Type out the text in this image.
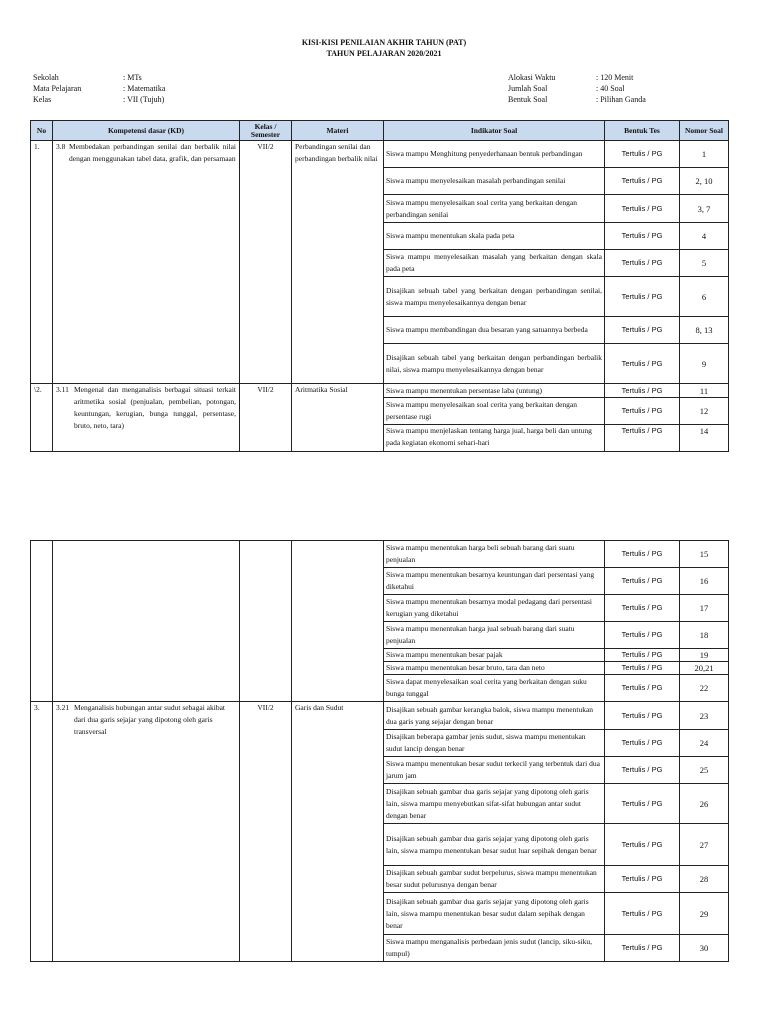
KISI-KISI PENILAIAN AKHIR TAHUN (PAT)
TAHUN PELAJARAN 2020/2021
Sekolah	: MTs
Mata Pelajaran	: Matematika
Kelas	: VII (Tujuh)
Alokasi Waktu	: 120 Menit
Jumlah Soal	: 40 Soal
Bentuk Soal	: Pilihan Ganda
No	Kompetensi dasar (KD)	Kelas / Semester	Materi	Indikator Soal	Bentuk Tes	Nomor Soal
1.	3.8 Membedakan perbandingan senilai dan berbalik nilai dengan menggunakan tabel data, grafik, dan persamaan	VII/2	Perbandingan senilai dan perbandingan berbalik nilai	Siswa mampu Menghitung penyederhanaan bentuk perbandingan	Tertulis / PG	1
				Siswa mampu menyelesaikan masalah perbandingan senilai	Tertulis / PG	2, 10
				Siswa mampu menyelesaikan soal cerita yang berkaitan dengan perbandingan senilai	Tertulis / PG	3, 7
				Siswa mampu menentukan skala pada peta	Tertulis / PG	4
				Siswa mampu menyelesaikan masalah yang berkaitan dengan skala pada peta	Tertulis / PG	5
				Disajikan sebuah tabel yang berkaitan dengan perbandingan senilai, siswa mampu menyelesaikannya dengan benar	Tertulis / PG	6
				Siswa mampu membandingan dua besaran yang satuannya berbeda	Tertulis / PG	8, 13
				Disajikan sebuah tabel yang berkaitan dengan perbandingan berbalik nilai, siswa mampu menyelesaikannya dengan benar	Tertulis / PG	9
\2.	3.11 Mengenal dan menganalisis berbagai situasi terkait aritmetika sosial (penjualan, pembelian, potongan, keuntungan, kerugian, bunga tunggal, persentase, bruto, neto, tara)	VII/2	Aritmatika Sosial	Siswa mampu menentukan persentase laba (untung)	Tertulis / PG	11
				Siswa mampu menyelesaikan soal cerita yang berkaitan dengan persentase rugi	Tertulis / PG	12
				Siswa mampu menjelaskan tentang harga jual, harga beli dan untung pada kegiatan ekonomi sehari-hari	Tertulis / PG	14
				Siswa mampu menentukan harga beli sebuah barang dari suatu penjualan	Tertulis / PG	15
				Siswa mampu menentukan besarnya keuntungan dari persentasi yang diketahui	Tertulis / PG	16
				Siswa mampu menentukan besarnya modal pedagang dari persentasi kerugian yang diketahui	Tertulis / PG	17
				Siswa mampu menentukan harga jual sebuah barang dari suatu penjualan	Tertulis / PG	18
				Siswa mampu menentukan besar pajak	Tertulis / PG	19
				Siswa mampu menentukan besar bruto, tara dan neto	Tertulis / PG	20,21
				Siswa dapat menyelesaikan soal cerita yang berkaitan dengan suku bunga tunggal	Tertulis / PG	22
3.	3.21 Menganalisis hubungan antar sudut sebagai akibat dari dua garis sejajar yang dipotong oleh garis transversal	VII/2	Garis dan Sudut	Disajikan sebuah gambar kerangka balok, siswa mampu menentukan dua garis yang sejajar dengan benar	Tertulis / PG	23
				Disajikan beberapa gambar jenis sudut, siswa mampu menentukan sudut lancip dengan benar	Tertulis / PG	24
				Siswa mampu menentukan besar sudut terkecil yang terbentuk dari dua jarum jam	Tertulis / PG	25
				Disajikan sebuah gambar dua garis sejajar yang dipotong oleh garis lain, siswa mampu menyebutkan sifat-sifat hubungan antar sudut dengan benar	Tertulis / PG	26
				Disajikan sebuah gambar dua garis sejajar yang dipotong oleh garis lain, siswa mampu menentukan besar sudut luar sepihak dengan benar	Tertulis / PG	27
				Disajikan sebuah gambar sudut berpelurus, siswa mampu menentukan besar sudut pelurusnya dengan benar	Tertulis / PG	28
				Disajikan sebuah gambar dua garis sejajar yang dipotong oleh garis lain, siswa mampu menentukan besar sudut dalam sepihak dengan benar	Tertulis / PG	29
				Siswa mampu menganalisis perbedaan jenis sudut (lancip, siku-siku, tumpul)	Tertulis / PG	30
